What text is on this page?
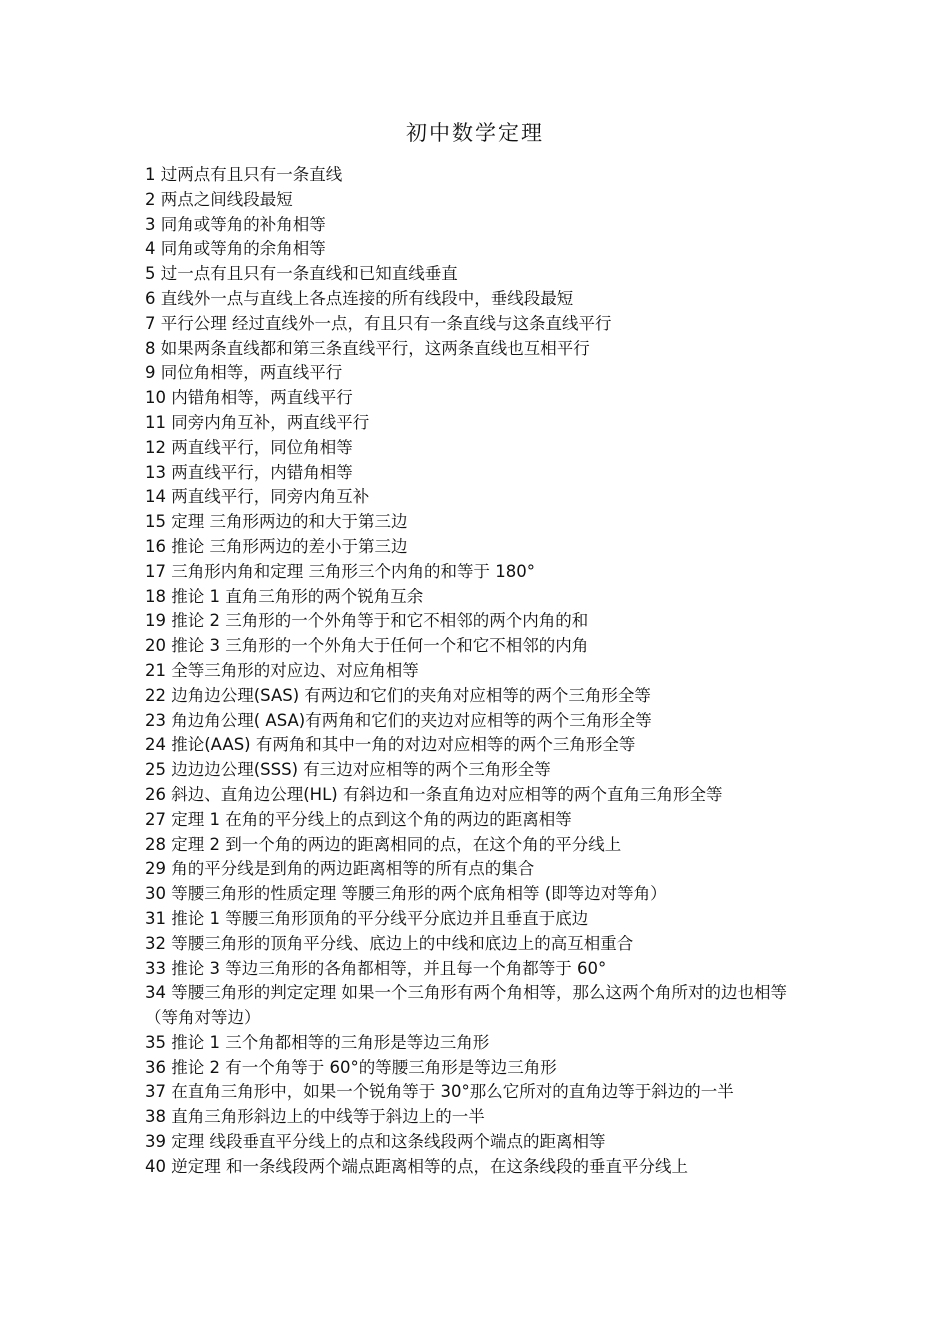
初中数学定理
1 过两点有且只有一条直线
2 两点之间线段最短
3 同角或等角的补角相等
4 同角或等角的余角相等
5 过一点有且只有一条直线和已知直线垂直
6 直线外一点与直线上各点连接的所有线段中，垂线段最短
7 平行公理 经过直线外一点，有且只有一条直线与这条直线平行
8 如果两条直线都和第三条直线平行，这两条直线也互相平行
9 同位角相等，两直线平行
10 内错角相等，两直线平行
11 同旁内角互补，两直线平行
12 两直线平行，同位角相等
13 两直线平行，内错角相等
14 两直线平行，同旁内角互补
15 定理 三角形两边的和大于第三边
16 推论 三角形两边的差小于第三边
17 三角形内角和定理 三角形三个内角的和等于 180°
18 推论 1 直角三角形的两个锐角互余
19 推论 2 三角形的一个外角等于和它不相邻的两个内角的和
20 推论 3 三角形的一个外角大于任何一个和它不相邻的内角
21 全等三角形的对应边、对应角相等
22 边角边公理(SAS) 有两边和它们的夹角对应相等的两个三角形全等
23 角边角公理( ASA)有两角和它们的夹边对应相等的两个三角形全等
24 推论(AAS) 有两角和其中一角的对边对应相等的两个三角形全等
25 边边边公理(SSS) 有三边对应相等的两个三角形全等
26 斜边、直角边公理(HL) 有斜边和一条直角边对应相等的两个直角三角形全等
27 定理 1 在角的平分线上的点到这个角的两边的距离相等
28 定理 2 到一个角的两边的距离相同的点，在这个角的平分线上
29 角的平分线是到角的两边距离相等的所有点的集合
30 等腰三角形的性质定理 等腰三角形的两个底角相等 (即等边对等角）
31 推论 1 等腰三角形顶角的平分线平分底边并且垂直于底边
32 等腰三角形的顶角平分线、底边上的中线和底边上的高互相重合
33 推论 3 等边三角形的各角都相等，并且每一个角都等于 60°
34 等腰三角形的判定定理 如果一个三角形有两个角相等，那么这两个角所对的边也相等（等角对等边）
35 推论 1 三个角都相等的三角形是等边三角形
36 推论 2 有一个角等于 60°的等腰三角形是等边三角形
37 在直角三角形中，如果一个锐角等于 30°那么它所对的直角边等于斜边的一半
38 直角三角形斜边上的中线等于斜边上的一半
39 定理 线段垂直平分线上的点和这条线段两个端点的距离相等
40 逆定理 和一条线段两个端点距离相等的点，在这条线段的垂直平分线上
